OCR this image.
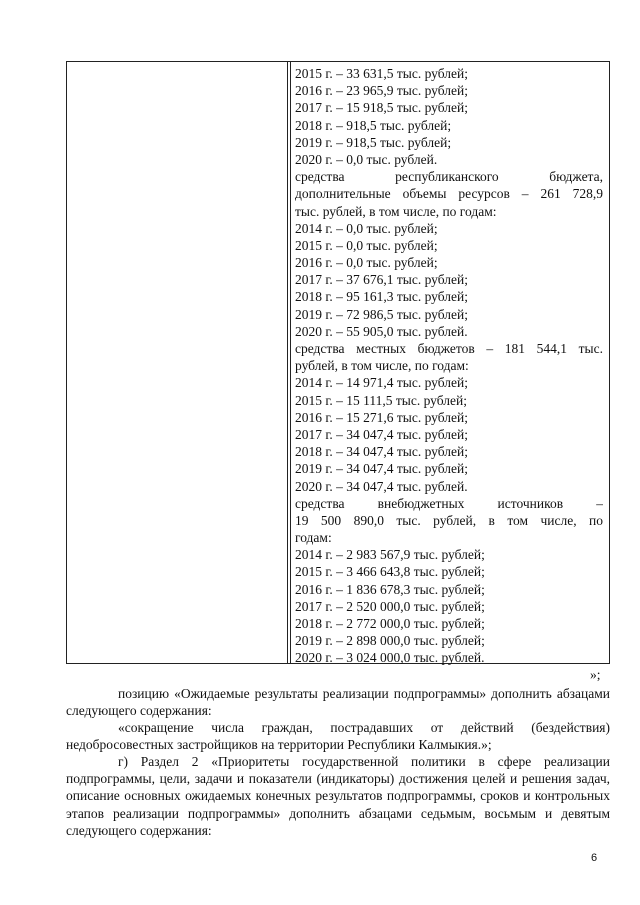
2015 г. – 33 631,5 тыс. рублей;
2016 г. – 23 965,9 тыс. рублей;
2017 г. – 15 918,5 тыс. рублей;
2018 г. – 918,5 тыс. рублей;
2019 г. – 918,5 тыс. рублей;
2020 г. – 0,0 тыс. рублей.
средства республиканского бюджета,
дополнительные объемы ресурсов – 261 728,9
тыс. рублей, в том числе, по годам:
2014 г. – 0,0 тыс. рублей;
2015 г. – 0,0 тыс. рублей;
2016 г. – 0,0 тыс. рублей;
2017 г. – 37 676,1 тыс. рублей;
2018 г. – 95 161,3 тыс. рублей;
2019 г. – 72 986,5 тыс. рублей;
2020 г. – 55 905,0 тыс. рублей.
средства местных бюджетов – 181 544,1 тыс.
рублей, в том числе, по годам:
2014 г. – 14 971,4 тыс. рублей;
2015 г. – 15 111,5 тыс. рублей;
2016 г. – 15 271,6 тыс. рублей;
2017 г. – 34 047,4 тыс. рублей;
2018 г. – 34 047,4 тыс. рублей;
2019 г. – 34 047,4 тыс. рублей;
2020 г. – 34 047,4 тыс. рублей.
средства внебюджетных источников –
19 500 890,0 тыс. рублей, в том числе, по
годам:
2014 г. – 2 983 567,9 тыс. рублей;
2015 г. – 3 466 643,8 тыс. рублей;
2016 г. – 1 836 678,3 тыс. рублей;
2017 г. – 2 520 000,0 тыс. рублей;
2018 г. – 2 772 000,0 тыс. рублей;
2019 г. – 2 898 000,0 тыс. рублей;
2020 г. – 3 024 000,0 тыс. рублей.
»;
позицию «Ожидаемые результаты реализации подпрограммы» дополнить абзацами следующего содержания:
«сокращение числа граждан, пострадавших от действий (бездействия) недобросовестных застройщиков на территории Республики Калмыкия.»;
г) Раздел 2 «Приоритеты государственной политики в сфере реализации подпрограммы, цели, задачи и показатели (индикаторы) достижения целей и решения задач, описание основных ожидаемых конечных результатов подпрограммы, сроков и контрольных этапов реализации подпрограммы» дополнить абзацами седьмым, восьмым и девятым следующего содержания:
6
